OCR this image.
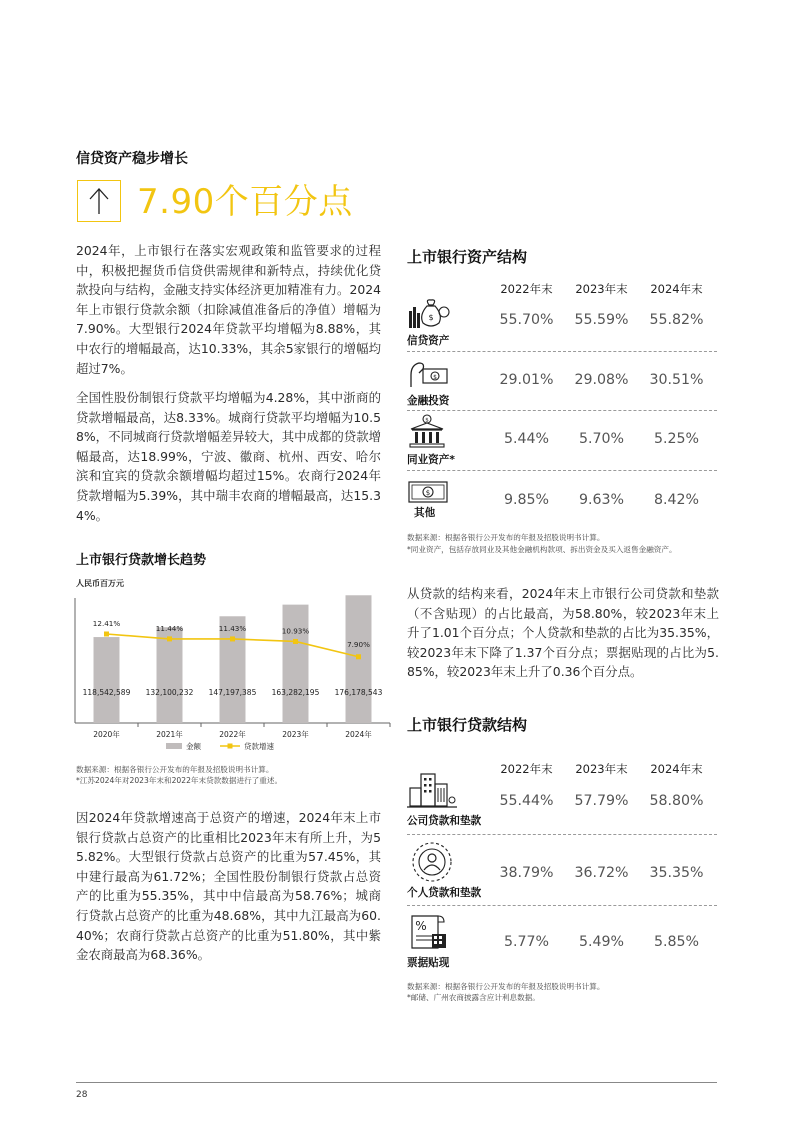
信贷资产稳步增长
7.90个百分点
2024年，上市银行在落实宏观政策和监管要求的过程中，积极把握货币信贷供需规律和新特点，持续优化贷款投向与结构，金融支持实体经济更加精准有力。2024年上市银行贷款余额（扣除减值准备后的净值）增幅为7.90%。大型银行2024年贷款平均增幅为8.88%，其中农行的增幅最高，达10.33%，其余5家银行的增幅均超过7%。
全国性股份制银行贷款平均增幅为4.28%，其中浙商的贷款增幅最高，达8.33%。城商行贷款平均增幅为10.58%，不同城商行贷款增幅差异较大，其中成都的贷款增幅最高，达18.99%，宁波、徽商、杭州、西安、哈尔滨和宜宾的贷款余额增幅均超过15%。农商行2024年贷款增幅为5.39%，其中瑞丰农商的增幅最高，达15.34%。
上市银行贷款增长趋势
人民币百万元
2020年
118,542,589
2021年
132,100,232
2022年
147,197,385
2023年
163,282,195
2024年
176,178,543
12.41%
11.44%	11.43%	10.93%
7.90%
金额	贷款增速
数据来源：根据各银行公开发布的年报及招股说明书计算。
*江苏2024年对2023年末和2022年末贷款数据进行了重述。
因2024年贷款增速高于总资产的增速，2024年末上市银行贷款占总资产的比重相比2023年末有所上升，为55.82%。大型银行贷款占总资产的比重为57.45%，其中建行最高为61.72%；全国性股份制银行贷款占总资产的比重为55.35%，其中中信最高为58.76%；城商行贷款占总资产的比重为48.68%，其中九江最高为60.40%；农商行贷款占总资产的比重为51.80%，其中紫金农商最高为68.36%。
上市银行资产结构
2022年末	2023年末	2024年末
$
信贷资产
55.70%	55.59%	55.82%
$
金融投资
29.01%	29.08%	30.51%
$
同业资产*
5.44%	5.70%	5.25%
$
其他
9.85%	9.63%	8.42%
数据来源：根据各银行公开发布的年报及招股说明书计算。
*同业资产，包括存放同业及其他金融机构款项、拆出资金及买入返售金融资产。
从贷款的结构来看，2024年末上市银行公司贷款和垫款（不含贴现）的占比最高，为58.80%，较2023年末上升了1.01个百分点；个人贷款和垫款的占比为35.35%，较2023年末下降了1.37个百分点；票据贴现的占比为5.85%，较2023年末上升了0.36个百分点。
上市银行贷款结构
2022年末	2023年末	2024年末
公司贷款和垫款
55.44%	57.79%	58.80%
个人贷款和垫款
38.79%	36.72%	35.35%
%
票据贴现
5.77%	5.49%	5.85%
数据来源：根据各银行公开发布的年报及招股说明书计算。
*邮储、广州农商披露含应计利息数据。
28
